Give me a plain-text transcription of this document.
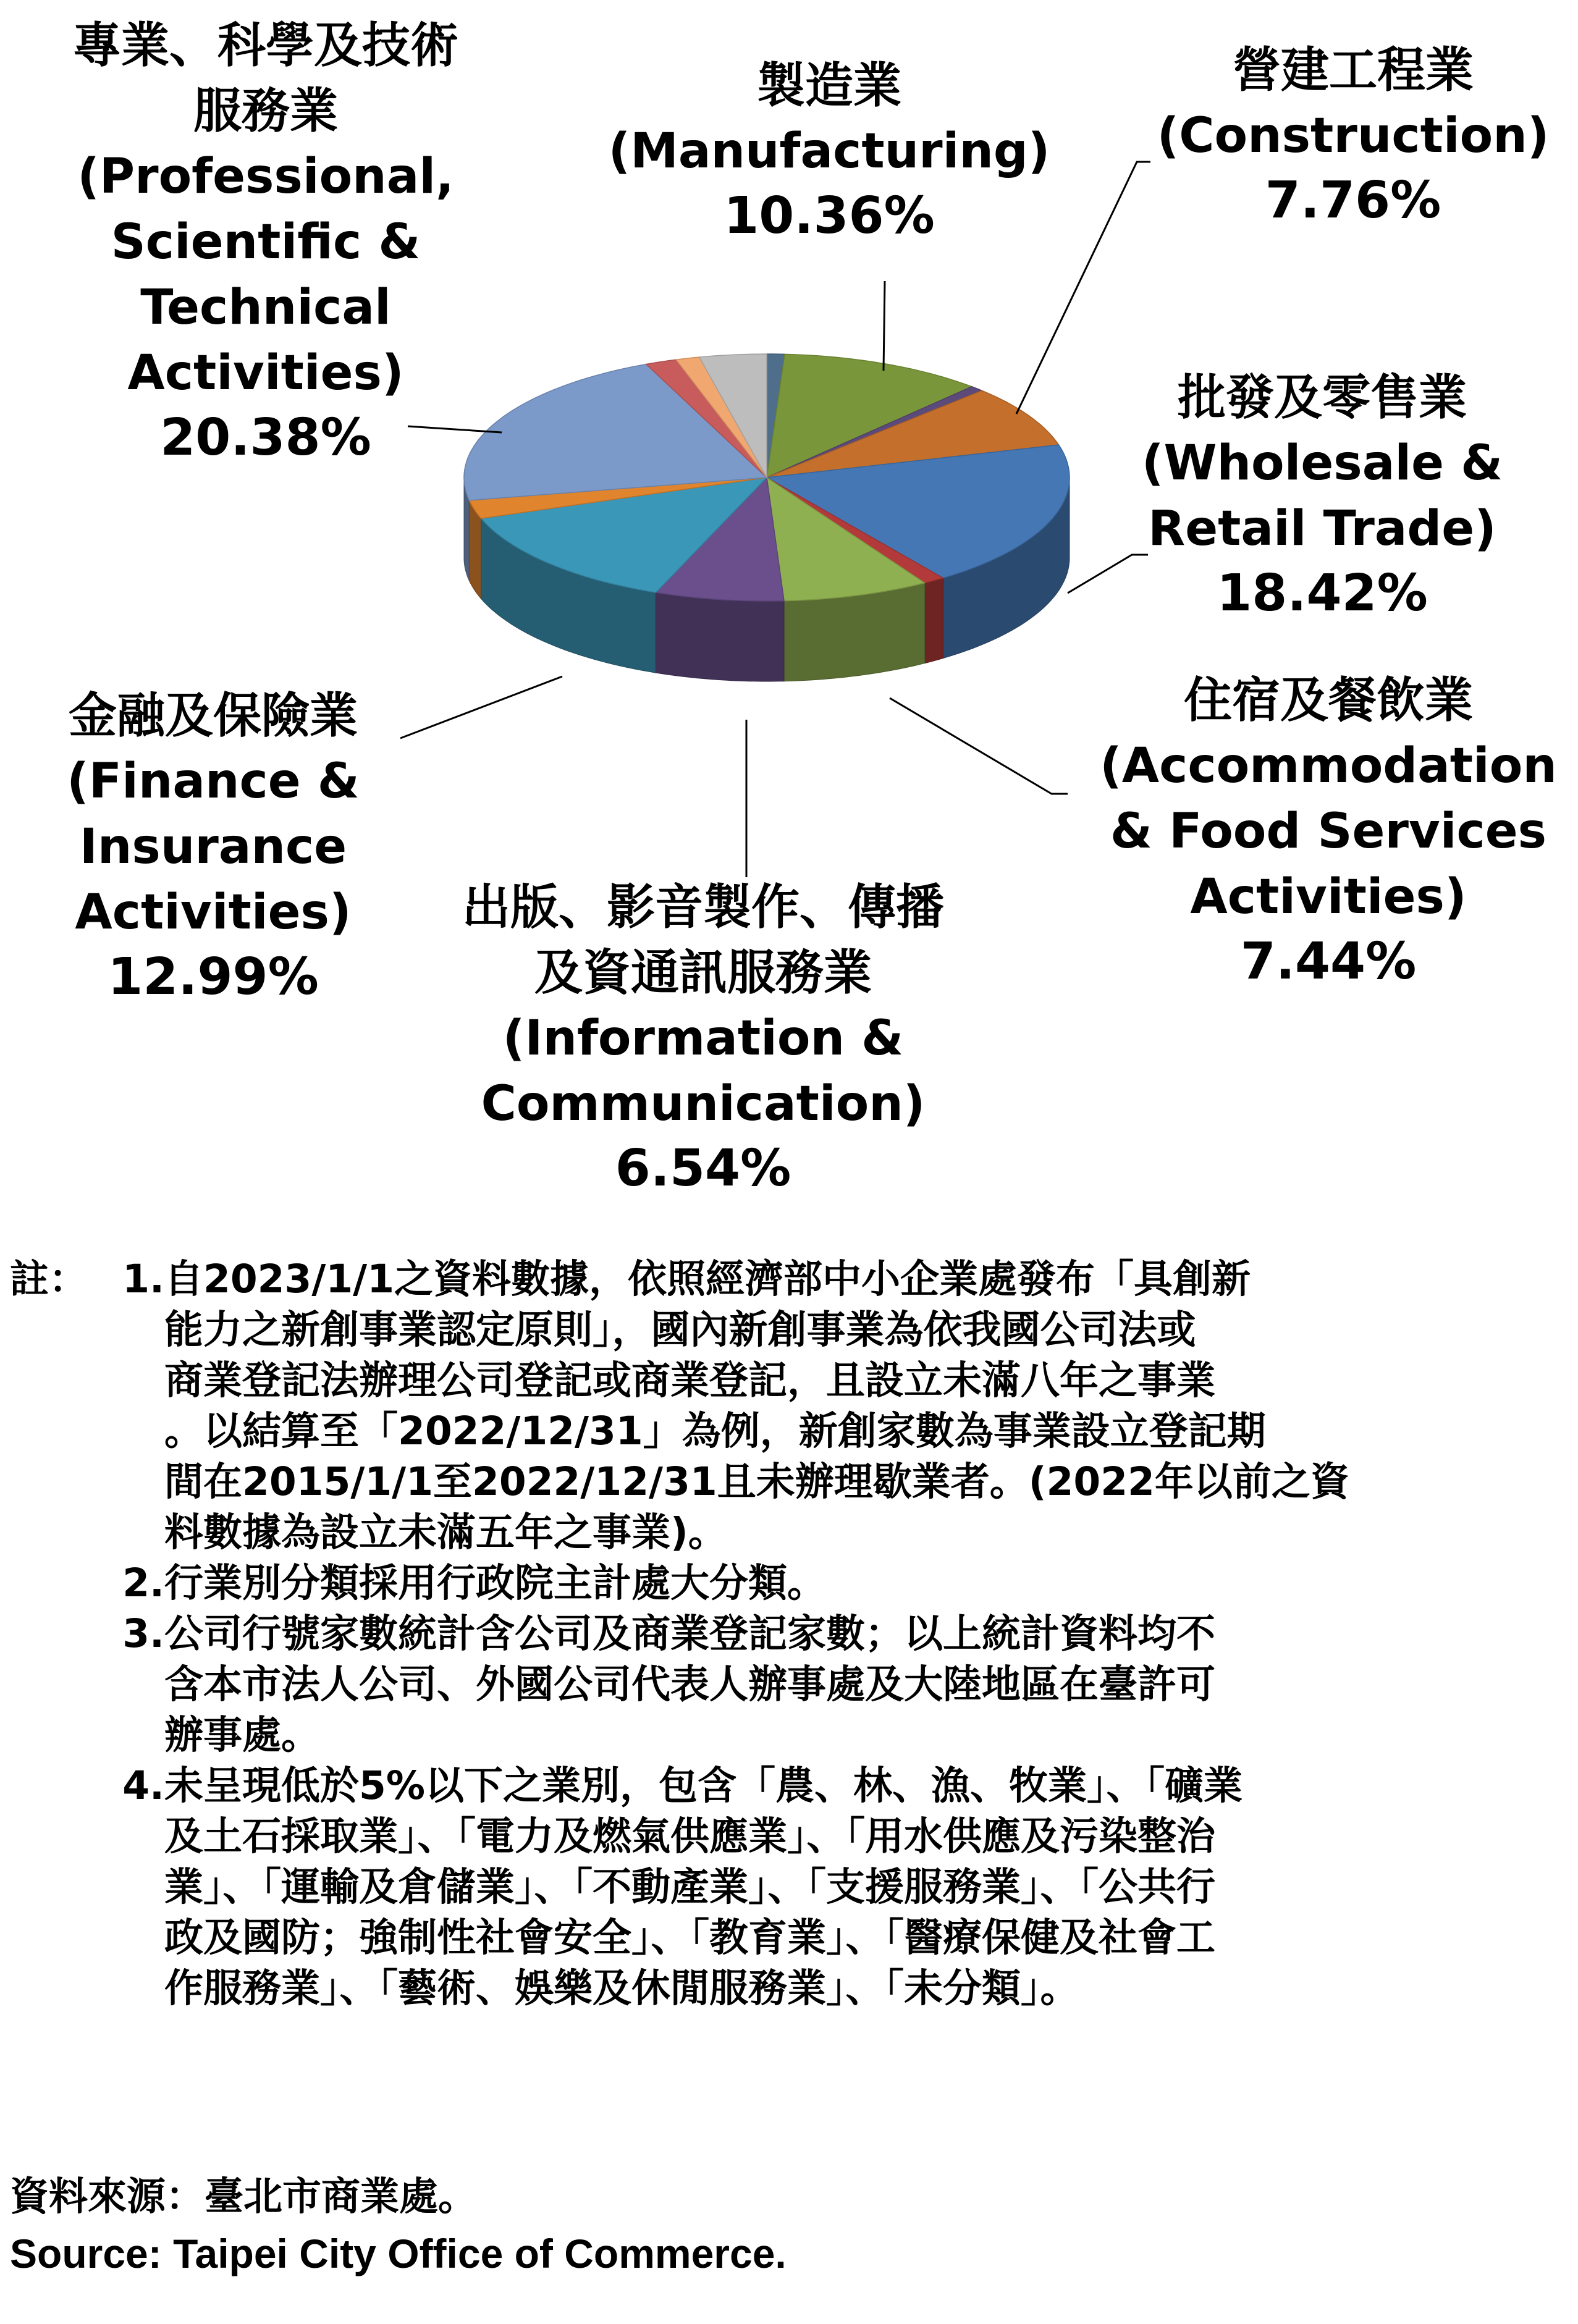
製造業
(Manufacturing)
10.36%
營建工程業
(Construction)
7.76%
批發及零售業
(Wholesale &
Retail Trade)
18.42%
住宿及餐飲業
(Accommodation
& Food Services
Activities)
7.44%
出版、影音製作、傳播
及資通訊服務業
(Information &
Communication)
6.54%
金融及保險業
(Finance &
Insurance
Activities)
12.99%
專業、科學及技術
服務業
(Professional,
Scientific &
Technical
Activities)
20.38%
註： 1. 自2023/1/1之資料數據，依照經濟部中小企業處發布「具創新
能力之新創事業認定原則」，國內新創事業為依我國公司法或
商業登記法辦理公司登記或商業登記，且設立未滿八年之事業
。以結算至「2022/12/31」為例，新創家數為事業設立登記期
間在2015/1/1至2022/12/31且未辦理歇業者。(2022年以前之資
料數據為設立未滿五年之事業)。
2. 行業別分類採用行政院主計處大分類。
3. 公司行號家數統計含公司及商業登記家數；以上統計資料均不
含本市法人公司、外國公司代表人辦事處及大陸地區在臺許可
辦事處。
4. 未呈現低於5%以下之業別，包含「農、林、漁、牧業」、「礦業
及土石採取業」、「電力及燃氣供應業」、「用水供應及污染整治
業」、「運輸及倉儲業」、「不動產業」、「支援服務業」、「公共行
政及國防；強制性社會安全」、「教育業」、「醫療保健及社會工
作服務業」、「藝術、娛樂及休閒服務業」、「未分類」。
資料來源：臺北市商業處。
Source: Taipei City Office of Commerce.
